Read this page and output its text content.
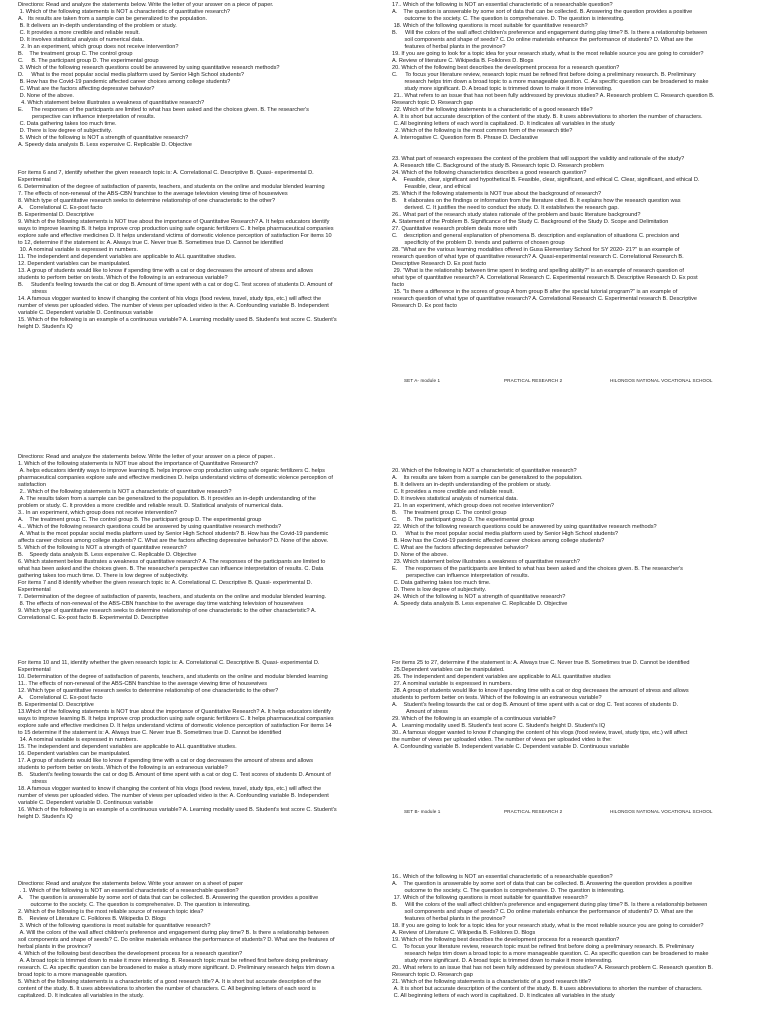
Directions: Read and analyze the statements below. Write the letter of your answer on a piece of paper.
1. Which of the following statements is NOT a characteristic of quantitative research?
A.   Its results are taken from a sample can be generalized to the population.
B. It delivers an in-depth understanding of the problem or study.
C. It provides a more credible and reliable result.
D. It involves statistical analysis of numerical data.
2. In an experiment, which group does not receive intervention?
B.    The treatment group C. The control group
C.     B. The participant group D. The experimental group
3. Which of the following research questions could be answered by using quantitative research methods?
D.     What is the most popular social media platform used by Senior High School students?
B. How has the Covid-19 pandemic affected career choices among college students?
C. What are the factors affecting depressive behavior?
D. None of the above.
4. Which statement below illustrates a weakness of quantitative research?
E.     The responses of the participants are limited to what has been asked and the choices given. B. The researcher's
perspective can influence interpretation of results.
C. Data gathering takes too much time.
D. There is low degree of subjectivity.
5. Which of the following is NOT a strength of quantitative research?
A. Speedy data analysis B. Less expensive C. Replicable D. Objective
For items 6 and 7, identify whether the given research topic is: A. Correlational C. Descriptive B. Quasi- experimental D.
Experimental
6. Determination of the degree of satisfaction of parents, teachers, and students on the online and modular blended learning
7. The effects of non-renewal of the ABS-CBN franchise to the average television viewing time of housewives
8. Which type of quantitative research seeks to determine relationship of one characteristic to the other?
A.    Correlational C. Ex-post facto
B. Experimental D. Descriptive
9. Which of the following statements is NOT true about the importance of Quantitative Research? A. It helps educators identify
ways to improve learning B. It helps improve crop production using safe organic fertilizers C. It helps pharmaceutical companies
explore safe and effective medicines D. It helps understand victims of domestic violence perception of satisfaction For items 10
to 12, determine if the statement is: A. Always true C. Never true B. Sometimes true D. Cannot be identified
10. A nominal variable is expressed in numbers.
11. The independent and dependent variables are applicable to ALL quantitative studies.
12. Dependent variables can be manipulated.
13. A group of students would like to know if spending time with a cat or dog decreases the amount of stress and allows
students to perform better on tests. Which of the following is an extraneous variable?
B.     Student's feeling towards the cat or dog B. Amount of time spent with a cat or dog C. Test scores of students D. Amount of
stress
14. A famous vlogger wanted to know if changing the content of his vlogs (food review, travel, study tips, etc.) will affect the
number of views per uploaded video. The number of views per uploaded video is the: A. Confounding variable B. Independent
variable C. Dependent variable D. Continuous variable
15. Which of the following is an example of a continuous variable? A. Learning modality used B. Student's test score C. Student's
height D. Student's IQ
17.. Which of the following is NOT an essential characteristic of a researchable question?
A.    The question is answerable by some sort of data that can be collected. B. Answering the question provides a positive
outcome to the society. C. The question is comprehensive. D. The question is interesting.
18. Which of the following questions is most suitable for quantitative research?
B.     Will the colors of the wall affect children's preference and engagement during play time? B. Is there a relationship between
soil components and shape of seeds? C. Do online materials enhance the performance of students? D. What are the
features of herbal plants in the province?
19. If you are going to look for a topic idea for your research study, what is the most reliable source you are going to consider?
A. Review of literature C. Wikipedia B. Folklores D. Blogs
20. Which of the following best describes the development process for a research question?
C.     To focus your literature review, research topic must be refined first before doing a preliminary research. B. Preliminary
research helps trim down a broad topic to a more manageable question. C. As specific question can be broadened to make
study more significant. D. A broad topic is trimmed down to make it more interesting.
21.. What refers to an issue that has not been fully addressed by previous studies? A. Research problem C. Research question B.
Research topic D. Research gap
22. Which of the following statements is a characteristic of a good research title?
A. It is short but accurate description of the content of the study. B. It uses abbreviations to shorten the number of characters.
C. All beginning letters of each word is capitalized. D. It indicates all variables in the study
2. Which of the following is the most common form of the research title?
A. Interrogative C. Question form B. Phrase D. Declarative
23. What part of research expresses the context of the problem that will support the validity and rationale of the study?
A. Research title C. Background of the study B. Research topic D. Research problem
24. Which of the following characteristics describes a good research question?
A.    Feasible, clear, significant and hypothetical B. Feasible, clear, significant, and ethical C. Clear, significant, and ethical D.
Feasible, clear, and ethical
25. Which if the following statements is NOT true about the background of research?
B.    It elaborates on the findings or information from the literature cited. B. It explains how the research question was
derived. C. It justifies the need to conduct the study. D. It establishes the research gap.
26.. What part of the research study states rationale of the problem and basic literature background?
A. Statement of the Problem B. Significance of the Study C. Background of the Study D. Scope and Delimitation
27. Quantitative research problem deals more with
C.    description and general explanation of phenomena B. description and explanation of situations C. precision and
specificity of the problem D. trends and patterns of chosen group
28. "What are the various learning modalities offered in Gusa Elementary School for SY 2020- 21?" is an example of
research question of what type of quantitative research? A. Quasi-experimental research C. Correlational Research B.
Descriptive Research D. Ex post facto
29. "What is the relationship between time spent in texting and spelling ability?" is an example of research question of
what type of quantitative research? A. Correlational Research C. Experimental research B. Descriptive Research D. Ex post
facto
15. "Is there a difference in the scores of group A from group B after the special tutorial program?" is an example of
research question of what type of quantitative research? A. Correlational Research C. Experimental research B. Descriptive
Research D. Ex post facto
SET A- module 1	PRACTICAL RESEARCH 2	HILONGOS NATIONAL VOCATIONAL SCHOOL
Directions: Read and analyze the statements below. Write the letter of your answer on a piece of paper..
1. Which of the following statements is NOT true about the importance of Quantitative Research?
A. helps educators identify ways to improve learning B. helps improve crop production using safe organic fertilizers C. helps
pharmaceutical companies explore safe and effective medicines D. helps understand victims of domestic violence perception of
satisfaction
2.. Which of the following statements is NOT a characteristic of quantitative research?
A. The results taken from a sample can be generalized to the population. B. It provides an in-depth understanding of the
problem or study. C. It provides a more credible and reliable result. D. Statistical analysis of numerical data.
3.. In an experiment, which group does not receive intervention?
A.    The treatment group C. The control group B. The participant group D. The experimental group
4... Which of the following research questions could be answered by using quantitative research methods?
A. What is the most popular social media platform used by Senior High School students? B. How has the Covid-19 pandemic
affects career choices among college students? C. What are the factors affecting depressive behavior? D. None of the above.
5. Which of the following is NOT a strength of quantitative research?
B.    Speedy data analysis B. Less expensive C. Replicable D. Objective
6. Which statement below illustrates a weakness of quantitative research? A. The responses of the participants are limited to
what has been asked and the choices given. B. The researcher's perspective can influence interpretation of results. C. Data
gathering takes too much time. D. There is low degree of subjectivity.
For items 7 and 8 identify whether the given research topic is: A. Correlational C. Descriptive B. Quasi- experimental D.
Experimental
7. Determination of the degree of satisfaction of parents, teachers, and students on the online and modular blended learning.
8. The effects of non-renewal of the ABS-CBN franchise to the average day time watching television of housewives
9. Which type of quantitative research seeks to determine relationship of one characteristic to the other characteristic? A.
Correlational C. Ex-post facto B. Experimental D. Descriptive
20. Which of the following is NOT a characteristic of quantitative research?
A.    Its results are taken from a sample can be generalized to the population.
B. It delivers an in-depth understanding of the problem or study.
C. It provides a more credible and reliable result.
D. It involves statistical analysis of numerical data.
21. In an experiment, which group does not receive intervention?
B.    The treatment group C. The control group
C.      B. The participant group D. The experimental group
22. Which of the following research questions could be answered by using quantitative research methods?
D.     What is the most popular social media platform used by Senior High School students?
B. How has the Covid-19 pandemic affected career choices among college students?
C. What are the factors affecting depressive behavior?
D. None of the above.
23. Which statement below illustrates a weakness of quantitative research?
E.     The responses of the participants are limited to what has been asked and the choices given. B. The researcher's
perspective can influence interpretation of results.
C. Data gathering takes too much time.
D. There is low degree of subjectivity.
24. Which of the following is NOT a strength of quantitative research?
A. Speedy data analysis B. Less expensive C. Replicable D. Objective
For items 10 and 11, identify whether the given research topic is: A. Correlational C. Descriptive B. Quasi- experimental D.
Experimental
10. Determination of the degree of satisfaction of parents, teachers, and students on the online and modular blended learning
11.. The effects of non-renewal of the ABS-CBN franchise to the average viewing time of housewives
12. Which type of quantitative research seeks to determine relationship of one characteristic to the other?
A.    Correlational C. Ex-post facto
B. Experimental D. Descriptive
13.Which of the following statements is NOT true about the importance of Quantitative Research? A. It helps educators identify
ways to improve learning B. It helps improve crop production using safe organic fertilizers C. It helps pharmaceutical companies
explore safe and effective medicines D. It helps understand victims of domestic violence perception of satisfaction For items 14
to 15 determine if the statement is: A. Always true C. Never true B. Sometimes true D. Cannot be identified
14. A nominal variable is expressed in numbers.
15. The independent and dependent variables are applicable to ALL quantitative studies.
16. Dependent variables can be manipulated.
17. A group of students would like to know if spending time with a cat or dog decreases the amount of stress and allows
students to perform better on tests. Which of the following is an extraneous variable?
B.    Student's feeling towards the cat or dog B. Amount of time spent with a cat or dog C. Test scores of students D. Amount of
stress
18. A famous vlogger wanted to know if changing the content of his vlogs (food review, travel, study tips, etc.) will affect the
number of views per uploaded video. The number of views per uploaded video is the: A. Confounding variable B. Independent
variable C. Dependent variable D. Continuous variable
16. Which of the following is an example of a continuous variable? A. Learning modality used B. Student's test score C. Student's
height D. Student's IQ
For items 25 to 27, determine if the statement is: A. Always true C. Never true B. Sometimes true D. Cannot be identified
25.Dependent variables can be manipulated.
26. The independent and dependent variables are applicable to ALL quantitative studies
27. A nominal variable is expressed in numbers.
28. A group of students would like to know if spending time with a cat or dog decreases the amount of stress and allows
students to perform better on tests. Which of the following is an extraneous variable?
A.    Student's feeling towards the cat or dog B. Amount of time spent with a cat or dog C. Test scores of students D.
Amount of stress
29. Which of the following is an example of a continuous variable?
A.   Learning modality used B. Student's test score C. Student's height D. Student's IQ
30.. A famous vlogger wanted to know if changing the content of his vlogs (food review, travel, study tips, etc.) will affect
the number of views per uploaded video. The number of views per uploaded video is the:
A. Confounding variable B. Independent variable C. Dependent variable D. Continuous variable
SET B- module 1	PRACTICAL RESEARCH 2	HILONGOS NATIONAL VOCATIONAL SCHOOL
Directions: Read and analyze the statements below. Write your answer on a sheet of paper
. 1. Which of the following is NOT an essential characteristic of a researchable question?
A.    The question is answerable by some sort of data that can be collected. B. Answering the question provides a positive
outcome to the society. C. The question is comprehensive. D. The question is interesting.
2. Which of the following is the most reliable source of research topic idea?
B.    Review of Literature C. Folklores B. Wikipedia D. Blogs
3. Which of the following questions is most suitable for quantitative research?
A. Will the colors of the wall affect children's preference and engagement during play time? B. Is there a relationship between
soil components and shape of seeds? C. Do online materials enhance the performance of students? D. What are the features of
herbal plants in the province?
4. Which of the following best describes the development process for a research question?
A. A broad topic is trimmed down to make it more interesting. B. Research topic must be refined first before doing preliminary
research. C. As specific question can be broadened to make a study more significant. D. Preliminary research helps trim down a
broad topic to a more manageable question.
5. Which of the following statements is a characteristic of a good research title? A. It is short but accurate description of the
content of the study. B. It uses abbreviations to shorten the number of characters. C. All beginning letters of each word is
capitalized. D. It indicates all variables in the study.
16.. Which of the following is NOT an essential characteristic of a researchable question?
A.    The question is answerable by some sort of data that can be collected. B. Answering the question provides a positive
outcome to the society. C. The question is comprehensive. D. The question is interesting.
17. Which of the following questions is most suitable for quantitative research?
B.     Will the colors of the wall affect children's preference and engagement during play time? B. Is there a relationship between
soil components and shape of seeds? C. Do online materials enhance the performance of students? D. What are the
features of herbal plants in the province?
18. If you are going to look for a topic idea for your research study, what is the most reliable source you are going to consider?
A. Review of Literature C. Wikipedia B. Folklores D. Blogs
19. Which of the following best describes the development process for a research question?
C.    To focus your literature review, research topic must be refined first before doing a preliminary research. B. Preliminary
research helps trim down a broad topic to a more manageable question. C. As specific question can be broadened to make
study more significant. D. A broad topic is trimmed down to make it more interesting.
20.. What refers to an issue that has not been fully addressed by previous studies? A. Research problem C. Research question B.
Research topic D. Research gap
21. Which of the following statements is a characteristic of a good research title?
A. It is short but accurate description of the content of the study. B. It uses abbreviations to shorten the number of characters.
C. All beginning letters of each word is capitalized. D. It indicates all variables in the study
